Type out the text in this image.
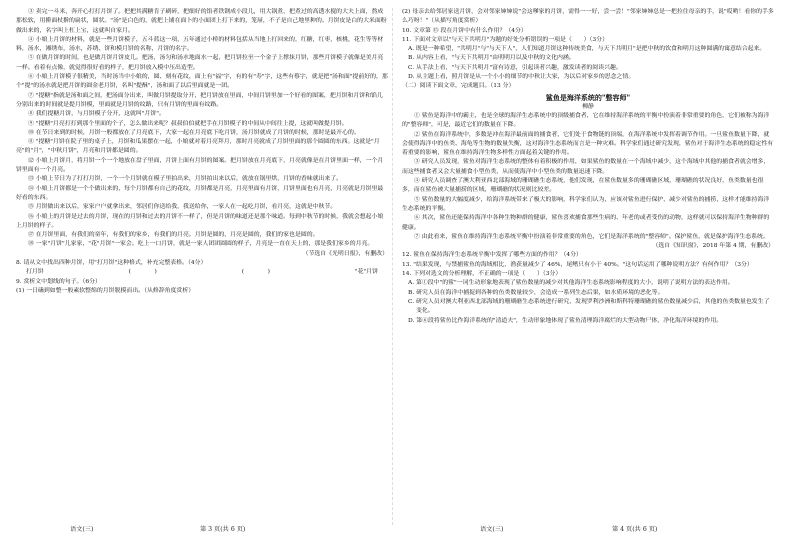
③ 卖完一斗米，奔开心打打月饼了。把把其满糖肯子刷碎，把细好的馅者铁钢成小段儿，用大锅煮，把煮过的高透水搅的大夫上面，熬成那松软，用擀面杖擀的扁状，圆状。"汤"是白色的，就把上铺在面卜的小面团上打下来的，笼屉，不子是自己地里种的。月饼皮是白的大米面粉做出来的，名字叫上杠上宝，这就叫自家月。

④ 小娘上月饼的材料，就是一些月饼模子，五斗蓝这一项，五年通过小桥的材料包括从当地上打回来的，红糖，红枣，核桃，花生等等材料，汤水，湘绣布，汤水，苏绣、饼和模月饼的名称，月饼的名字。

⑤ 在做月饼的时间，也是做月饼月饼皮儿。把汤，汤匀和汤水地面水一起，把月饼拉至一个金子上撑抹月饼，那些月饼模子就像是美月亮一样。看着有点像，就觉得很好看的样子，把月饼放入模中压出造型。

⑥ 小娘上月饼模子很精美，当时汤当中小娘的，圆、刻有花纹，面上有"福"字，有的有"寿"字，这些有蔡字，就是把"汤和面"提前好的，那个"提"的汤水就是把月饼的圆金老月饼，名叫"提酥"，汤和面了以后里面就是一团。

⑦ "提糖"指就是汤和面之间，把汤面分出来，叫做月饼提取分开，把月饼放在里面，中间月饼里加一个好看的图案，把月饼和月饼和馅儿分别出来的时间就是提月饼模，里面就是月饼的纹路，只有月饼的里面有纹路。

⑧ 我们提糖月饼，与月饼模子分开，这就叫"月饼"。

⑨ "提糖"月亮打打到那个里面的个子，怎么做出来呢？叔叔伯伯就把手在月饼模子的中间从中间往上提，这就叫做提月饼。

⑩ 在节日来到的时候，月饼一般都放在了月亮底下，大家一起在月亮底下吃月饼，汤月饼就成了月饼的时候，那时是最开心的。

⑪ "提糖"月饼在院子里的桌子上，月饼和瓜果摆在一起，小娘就对着月亮拜月，那时月亮就成了月饼里面的那个圆圆的东西。这就是"月亮"的"月"，"中秋月饼"，月亮和月饼都是圆的。

⑫ 小娘上月饼月，将月饼一个一个地放在盘子里面，月饼上面有月饼的图案。把月饼放在月亮底下，月亮就像是在月饼里面一样，一个月饼里面有一个月亮。

⑬ 小娘上节日为了打打月饼，一个一个月饼就在模子里拍出来，月饼拍出来以后，就放在锅里烘，月饼的香味就出来了。

⑭ 小娘上月饼都是一个个做出来的，每个月饼都有自己的花纹，月饼都是月亮，月亮里面有月饼，月饼里面也有月亮，月亮就是月饼里最好看的东西。

⑮ 月饼做出来以后，家家户户就拿出来，邻居们你送给我，我送给你，一家人在一起吃月饼，看月亮，这就是中秋节。

⑯ 小娘上的月饼是过去的月饼，现在的月饼和过去的月饼不一样了，但是月饼的味道还是那个味道。每到中秋节的时候，我就会想起小娘上月饼的样子。

⑰ 在月饼里面，有我们的童年，有我们的家乡，有我们的月亮。月饼是圆的，月亮是圆的，我们的家也是圆的。

⑱ 一家"月饼"儿家家，"花"月饼"一家会。吃上一口月饼，就是一家人团团圆圆的样子，月亮是一直在天上的，那是我们家乡的月亮。

（节选自《光明日报》，有删改）

8. 请从文中找出四种月饼，用"打月饼"这种格式，补充完整表格。（4分）

打月饼	(　　　　)	(　　　　)	"花"月饼

9. 赏析文中划线的句子。（6分）

(1) 一日磕到如整一般素软整绵的月饼脱模而出。（从修辞角度赏析）

语文(三)	第 3 页(共 6 页)

(2) 母亲去给邻居家送月饼，会对邻家婶婶说"会这嗲家的月饼，需得一一好，尝一尝！"邻家婶婶总是一把拉住母亲的手，说"哎哟！看你的手多么巧呀！"（从描写角度赏析）

10. 文章第 ⑮ 段在月饼中有什么作用？（4分）

11. 下面对文章以"与天下共明月"为题的好处分析错误的一项是（　　）（3分）

A. 既是一种希望，"共明月"与"与天下人"，人们知道月饼这种传统美食，与天下共明月"是把中秋的饮食和明月这种圆满的寓意结合起来。

B. 从内容上看，"与天下共明月"由明明月以及中秋的文化内涵。

C. 从手法上看，"与天下共明月"富有诗意，引起读者兴趣，激发读者的阅读兴趣。

D. 从主题上看，照月饼是从一个小小的细节的中秋让大家，为以后对家乡的思念之情。

（二）阅读下面文章，完成题目。（13 分）

鲨鱼是海洋系统的"整容师"

柳静

① 鲨鱼是海洋中的霸主，也是全球的海洋生态系统中的顶级捕食者，它在维持海洋系统的平衡中扮演着非常重要的角色，它们被称为海洋的"整容师"，可是，最近它们的数量在下降。

② 鲨鱼在海洋系统中，多数是冲在海洋最前面的捕食者，它们处于食物链的顶端，在海洋系统中发挥着调节作用。一旦鲨鱼数量下降，就会使得海洋中的鱼类、海龟等生物的数量失衡，这对海洋生态系统而言是一种灾难。科学家们通过研究发现，鲨鱼对于海洋生态系统的稳定性有着重要的影响，鲨鱼在维持海洋生物多样性方面起着关键的作用。

③ 研究人员发现，鲨鱼对海洋生态系统的整体有着积极的作用，如果鲨鱼的数量在一个海域中减少，这个海域中其他的捕食者就会增多，而这些捕食者又会大量捕食小型鱼类，从而使海洋中小型鱼类的数量迅速下降。

④ 研究人员调查了澳大利亚西北部海域的珊瑚礁生态系统，他们发现，在鲨鱼数量多的珊瑚礁区域，珊瑚礁的状况良好，鱼类数量也很多，而在鲨鱼被大量捕捞的区域，珊瑚礁的状况则比较差。

⑤ 鲨鱼数量的大幅度减少，给海洋系统带来了极大的影响，科学家们认为，应该对鲨鱼进行保护，减少对鲨鱼的捕捞，这样才能维持海洋生态系统的平衡。

⑥ 其次，鲨鱼还能保持海洋中各种生物种群的健康，鲨鱼喜欢捕食那些生病的、年老的或者受伤的动物，这样就可以保持海洋生物种群的健康。

⑦ 由此看来，鲨鱼在维持海洋生态系统平衡中扮演着非常重要的角色，它们是海洋系统的"整容师"。保护鲨鱼，就是保护海洋生态系统。

（选自《知识窗》，2018 年第 4 期，有删改）

12. 鲨鱼在保持海洋生态系统平衡中发挥了哪些方面的作用？（4分）

13. "结果发现，与禁捕鲨鱼的海域相比，渔获量减少了 46%，尾鳍只有小于 40%。"这句话运用了哪种说明方法？有何作用？（3分）

14. 下列对选文的分析理解，不正确的一项是（　　）（3分）

A. 第①段中"的鲨"一词生动形象地表现了鲨鱼数量的减少对其他海洋生态系统影响程度的大小，说明了说明方法的表达作用。

B. 研究人员在海洋中捕捉到各种的鱼类数量较少，会造成一系列生态后果，如水质环境的恶化等。

C. 研究人员对澳大利亚西北部海域的珊瑚礁生态系统进行研究，发现罗利沙洲和斯科特珊瑚礁的鲨鱼数量减少后，其他的鱼类数量也发生了变化。

D. 第⑥段将鲨鱼比作海洋系统的"清道夫"，生动形象地体现了鲨鱼清理海洋腐烂的大型动物尸体，净化海洋环境的作用。

语文(三)	第 4 页(共 6 页)
